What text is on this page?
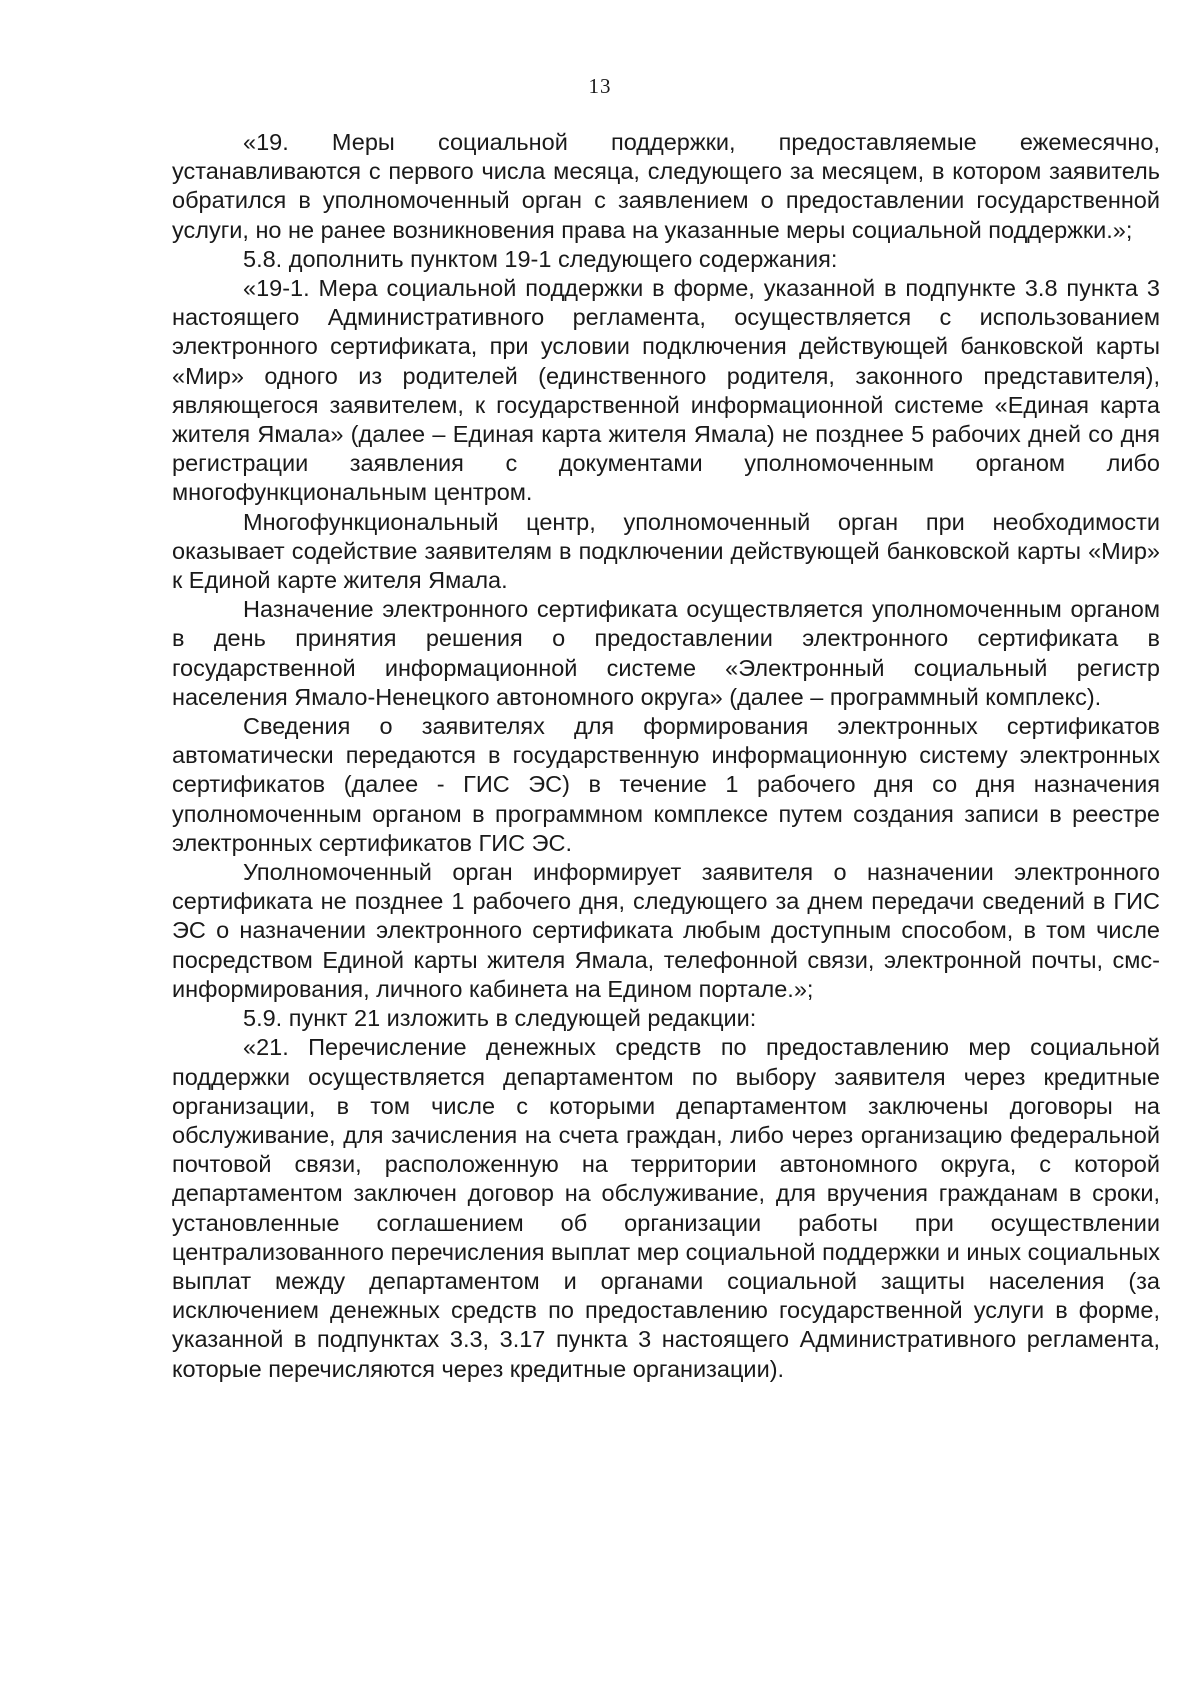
13

«19. Меры социальной поддержки, предоставляемые ежемесячно, устанавливаются с первого числа месяца, следующего за месяцем, в котором заявитель обратился в уполномоченный орган с заявлением о предоставлении государственной услуги, но не ранее возникновения права на указанные меры социальной поддержки.»;

5.8. дополнить пунктом 19-1 следующего содержания:

«19-1. Мера социальной поддержки в форме, указанной в подпункте 3.8 пункта 3 настоящего Административного регламента, осуществляется с использованием электронного сертификата, при условии подключения действующей банковской карты «Мир» одного из родителей (единственного родителя, законного представителя), являющегося заявителем, к государственной информационной системе «Единая карта жителя Ямала» (далее – Единая карта жителя Ямала) не позднее 5 рабочих дней со дня регистрации заявления с документами уполномоченным органом либо многофункциональным центром.

Многофункциональный центр, уполномоченный орган при необходимости оказывает содействие заявителям в подключении действующей банковской карты «Мир» к Единой карте жителя Ямала.

Назначение электронного сертификата осуществляется уполномоченным органом в день принятия решения о предоставлении электронного сертификата в государственной информационной системе «Электронный социальный регистр населения Ямало-Ненецкого автономного округа» (далее – программный комплекс).

Сведения о заявителях для формирования электронных сертификатов автоматически передаются в государственную информационную систему электронных сертификатов (далее - ГИС ЭС) в течение 1 рабочего дня со дня назначения уполномоченным органом в программном комплексе путем создания записи в реестре электронных сертификатов ГИС ЭС.

Уполномоченный орган информирует заявителя о назначении электронного сертификата не позднее 1 рабочего дня, следующего за днем передачи сведений в ГИС ЭС о назначении электронного сертификата любым доступным способом, в том числе посредством Единой карты жителя Ямала, телефонной связи, электронной почты, смс-информирования, личного кабинета на Едином портале.»;

5.9. пункт 21 изложить в следующей редакции:

«21. Перечисление денежных средств по предоставлению мер социальной поддержки осуществляется департаментом по выбору заявителя через кредитные организации, в том числе с которыми департаментом заключены договоры на обслуживание, для зачисления на счета граждан, либо через организацию федеральной почтовой связи, расположенную на территории автономного округа, с которой департаментом заключен договор на обслуживание, для вручения гражданам в сроки, установленные соглашением об организации работы при осуществлении централизованного перечисления выплат мер социальной поддержки и иных социальных выплат между департаментом и органами социальной защиты населения (за исключением денежных средств по предоставлению государственной услуги в форме, указанной в подпунктах 3.3, 3.17 пункта 3 настоящего Административного регламента, которые перечисляются через кредитные организации).
